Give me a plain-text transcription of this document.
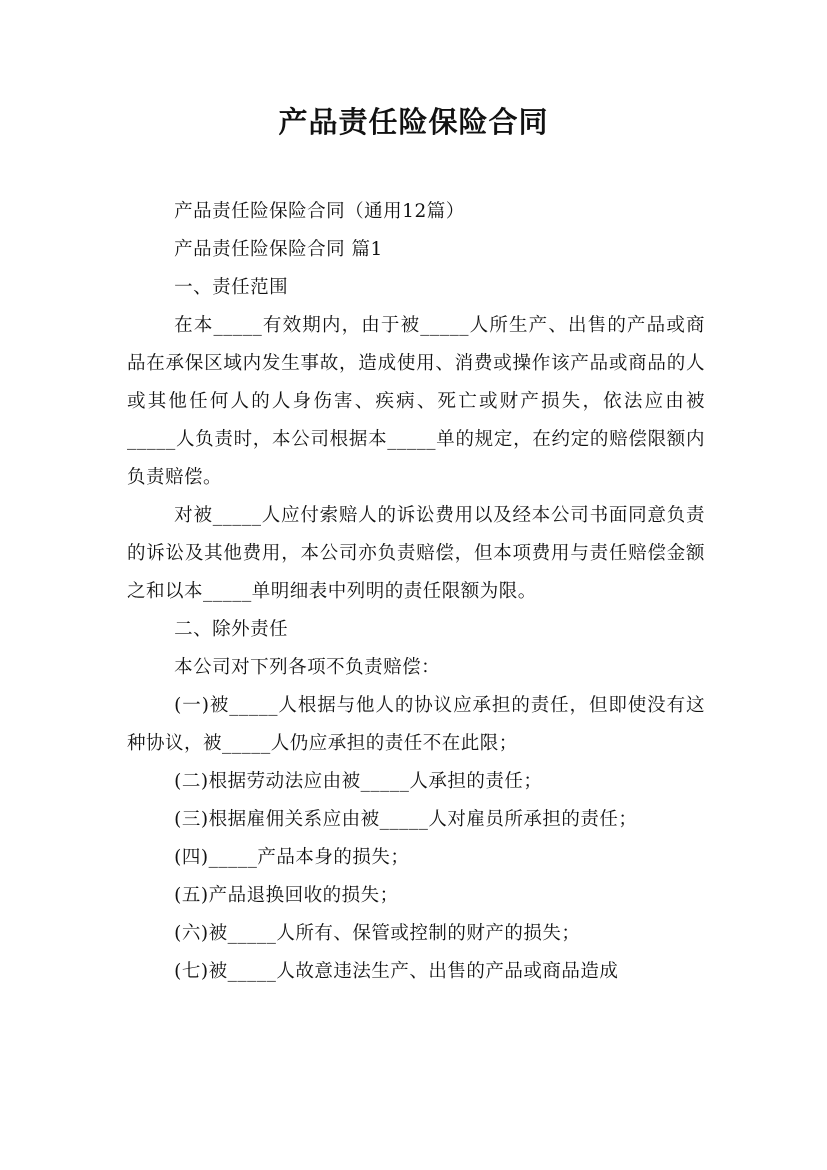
产品责任险保险合同

产品责任险保险合同（通用12篇）

产品责任险保险合同 篇1

一、责任范围

在本_____有效期内，由于被_____人所生产、出售的产品或商品在承保区域内发生事故，造成使用、消费或操作该产品或商品的人或其他任何人的人身伤害、疾病、死亡或财产损失，依法应由被_____人负责时，本公司根据本_____单的规定，在约定的赔偿限额内负责赔偿。

对被_____人应付索赔人的诉讼费用以及经本公司书面同意负责的诉讼及其他费用，本公司亦负责赔偿，但本项费用与责任赔偿金额之和以本_____单明细表中列明的责任限额为限。

二、除外责任

本公司对下列各项不负责赔偿：

(一)被_____人根据与他人的协议应承担的责任，但即使没有这种协议，被_____人仍应承担的责任不在此限；

(二)根据劳动法应由被_____人承担的责任；

(三)根据雇佣关系应由被_____人对雇员所承担的责任；

(四)_____产品本身的损失；

(五)产品退换回收的损失；

(六)被_____人所有、保管或控制的财产的损失；

(七)被_____人故意违法生产、出售的产品或商品造成
